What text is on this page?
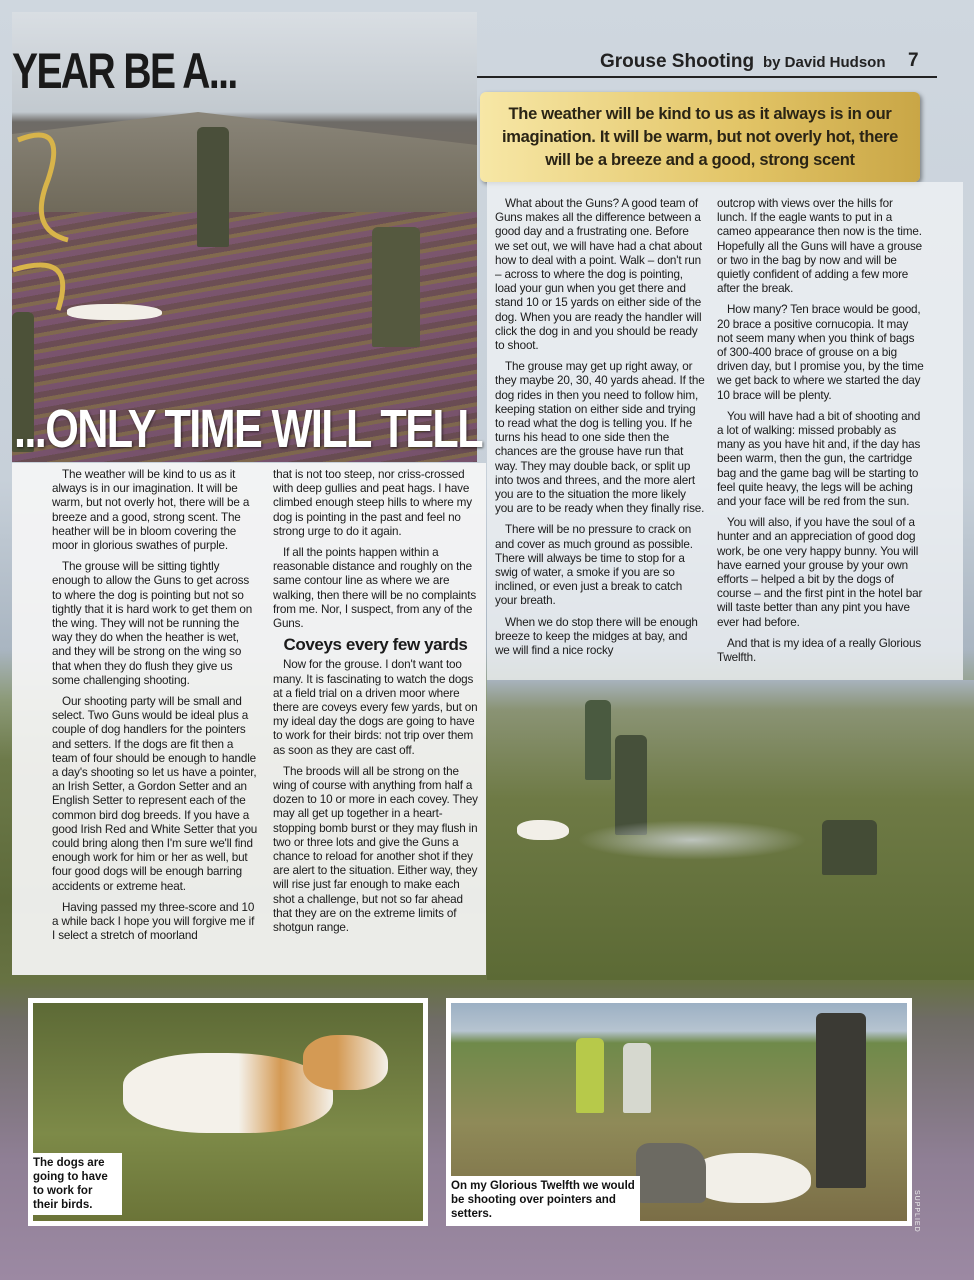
YEAR BE A...
...ONLY TIME WILL TELL
Grouse Shooting by David Hudson 7
The weather will be kind to us as it always is in our imagination. It will be warm, but not overly hot, there will be a breeze and a good, strong scent

The weather will be kind to us as it always is in our imagination. It will be warm, but not overly hot, there will be a breeze and a good, strong scent. The heather will be in bloom covering the moor in glorious swathes of purple.

The grouse will be sitting tightly enough to allow the Guns to get across to where the dog is pointing but not so tightly that it is hard work to get them on the wing. They will not be running the way they do when the heather is wet, and they will be strong on the wing so that when they do flush they give us some challenging shooting.

Our shooting party will be small and select. Two Guns would be ideal plus a couple of dog handlers for the pointers and setters. If the dogs are fit then a team of four should be enough to handle a day's shooting so let us have a pointer, an Irish Setter, a Gordon Setter and an English Setter to represent each of the common bird dog breeds. If you have a good Irish Red and White Setter that you could bring along then I'm sure we'll find enough work for him or her as well, but four good dogs will be enough barring accidents or extreme heat.

Having passed my three-score and 10 a while back I hope you will forgive me if I select a stretch of moorland

that is not too steep, nor criss-crossed with deep gullies and peat hags. I have climbed enough steep hills to where my dog is pointing in the past and feel no strong urge to do it again.

If all the points happen within a reasonable distance and roughly on the same contour line as where we are walking, then there will be no complaints from me. Nor, I suspect, from any of the Guns.

Coveys every few yards

Now for the grouse. I don't want too many. It is fascinating to watch the dogs at a field trial on a driven moor where there are coveys every few yards, but on my ideal day the dogs are going to have to work for their birds: not trip over them as soon as they are cast off.

The broods will all be strong on the wing of course with anything from half a dozen to 10 or more in each covey. They may all get up together in a heart-stopping bomb burst or they may flush in two or three lots and give the Guns a chance to reload for another shot if they are alert to the situation. Either way, they will rise just far enough to make each shot a challenge, but not so far ahead that they are on the extreme limits of shotgun range.

What about the Guns? A good team of Guns makes all the difference between a good day and a frustrating one. Before we set out, we will have had a chat about how to deal with a point. Walk – don't run – across to where the dog is pointing, load your gun when you get there and stand 10 or 15 yards on either side of the dog. When you are ready the handler will click the dog in and you should be ready to shoot.

The grouse may get up right away, or they maybe 20, 30, 40 yards ahead. If the dog rides in then you need to follow him, keeping station on either side and trying to read what the dog is telling you. If he turns his head to one side then the chances are the grouse have run that way. They may double back, or split up into twos and threes, and the more alert you are to the situation the more likely you are to be ready when they finally rise.

There will be no pressure to crack on and cover as much ground as possible. There will always be time to stop for a swig of water, a smoke if you are so inclined, or even just a break to catch your breath.

When we do stop there will be enough breeze to keep the midges at bay, and we will find a nice rocky

outcrop with views over the hills for lunch. If the eagle wants to put in a cameo appearance then now is the time. Hopefully all the Guns will have a grouse or two in the bag by now and will be quietly confident of adding a few more after the break.

How many? Ten brace would be good, 20 brace a positive cornucopia. It may not seem many when you think of bags of 300-400 brace of grouse on a big driven day, but I promise you, by the time we get back to where we started the day 10 brace will be plenty.

You will have had a bit of shooting and a lot of walking: missed probably as many as you have hit and, if the day has been warm, then the gun, the cartridge bag and the game bag will be starting to feel quite heavy, the legs will be aching and your face will be red from the sun.

You will also, if you have the soul of a hunter and an appreciation of good dog work, be one very happy bunny. You will have earned your grouse by your own efforts – helped a bit by the dogs of course – and the first pint in the hotel bar will taste better than any pint you have ever had before.

And that is my idea of a really Glorious Twelfth.

The dogs are going to have to work for their birds.
On my Glorious Twelfth we would be shooting over pointers and setters.	SUPPLIED
